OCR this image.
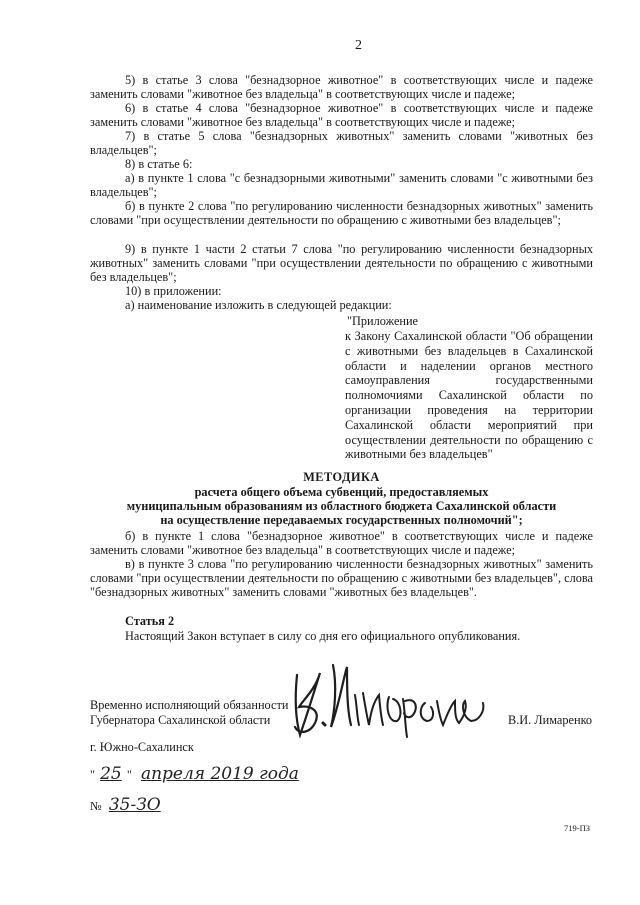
2
5) в статье 3 слова "безнадзорное животное" в соответствующих числе и падеже заменить словами "животное без владельца" в соответствующих числе и падеже;
6) в статье 4 слова "безнадзорное животное" в соответствующих числе и падеже заменить словами "животное без владельца" в соответствующих числе и падеже;
7) в статье 5 слова "безнадзорных животных" заменить словами "животных без владельцев";
8) в статье 6:
а) в пункте 1 слова "с безнадзорными животными" заменить словами "с животными без владельцев";
б) в пункте 2 слова "по регулированию численности безнадзорных животных" заменить словами "при осуществлении деятельности по обращению с животными без владельцев";
9) в пункте 1 части 2 статьи 7 слова "по регулированию численности безнадзорных животных" заменить словами "при осуществлении деятельности по обращению с животными без владельцев";
10) в приложении:
а) наименование изложить в следующей редакции:
"Приложение
к Закону Сахалинской области "Об обращении с животными без владельцев в Сахалинской области и наделении органов местного самоуправления государственными полномочиями Сахалинской области по организации проведения на территории Сахалинской области мероприятий при осуществлении деятельности по обращению с животными без владельцев"
МЕТОДИКА
расчета общего объема субвенций, предоставляемых
муниципальным образованиям из областного бюджета Сахалинской области
на осуществление передаваемых государственных полномочий";
б) в пункте 1 слова "безнадзорное животное" в соответствующих числе и падеже заменить словами "животное без владельца" в соответствующих числе и падеже;
в) в пункте 3 слова "по регулированию численности безнадзорных животных" заменить словами "при осуществлении деятельности по обращению с животными без владельцев", слова "безнадзорных животных" заменить словами "животных без владельцев".
Статья 2
Настоящий Закон вступает в силу со дня его официального опубликования.
Временно исполняющий обязанности
Губернатора Сахалинской области	В.И. Лимаренко
г. Южно-Сахалинск
" 25 " апреля 2019 года
№ 35-ЗО
719-ПЗ
